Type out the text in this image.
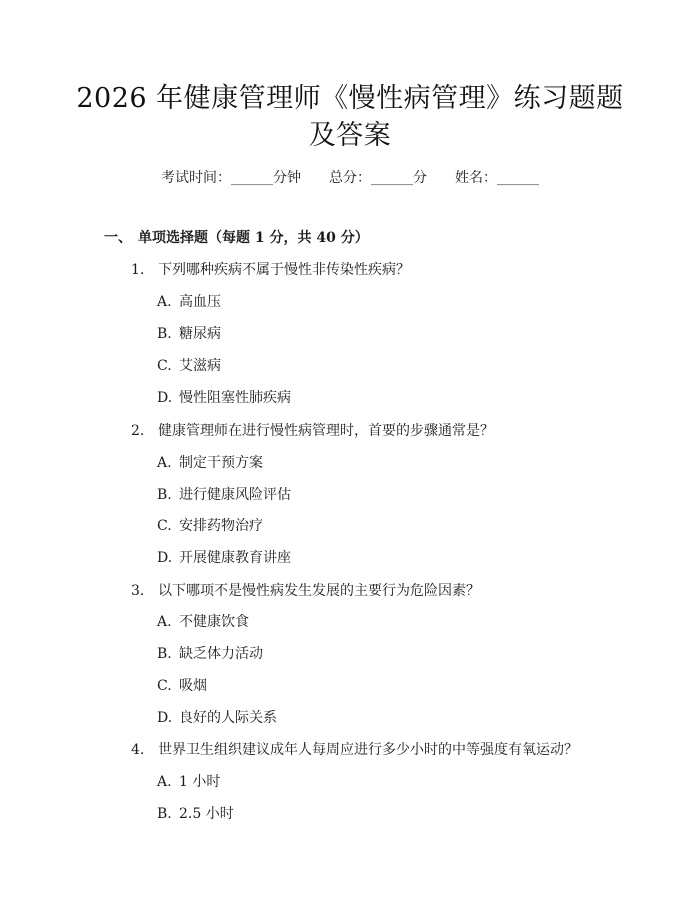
2026 年健康管理师《慢性病管理》练习题题
及答案
考试时间：______分钟 总分：______分 姓名：______
一、 单项选择题（每题 1 分，共 40 分）
1. 下列哪种疾病不属于慢性非传染性疾病？
A. 高血压
B. 糖尿病
C. 艾滋病
D. 慢性阻塞性肺疾病
2. 健康管理师在进行慢性病管理时，首要的步骤通常是？
A. 制定干预方案
B. 进行健康风险评估
C. 安排药物治疗
D. 开展健康教育讲座
3. 以下哪项不是慢性病发生发展的主要行为危险因素？
A. 不健康饮食
B. 缺乏体力活动
C. 吸烟
D. 良好的人际关系
4. 世界卫生组织建议成年人每周应进行多少小时的中等强度有氧运动？
A. 1 小时
B. 2.5 小时
